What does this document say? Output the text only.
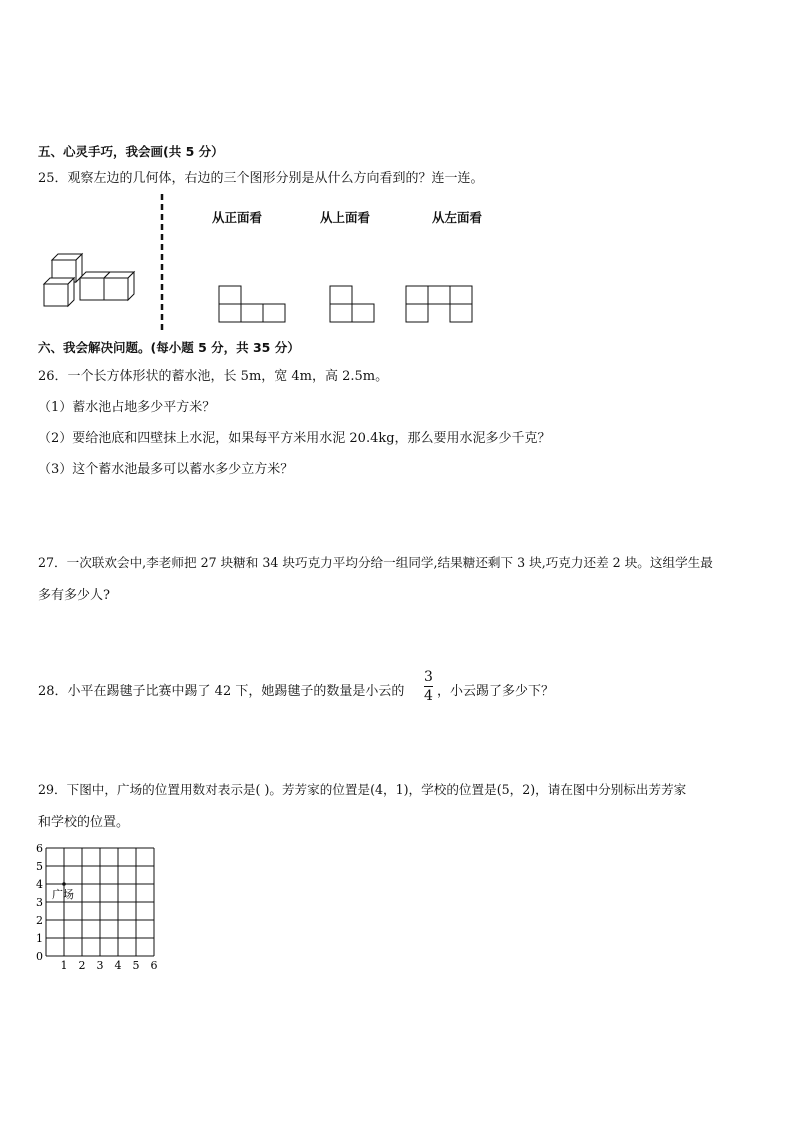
五、心灵手巧，我会画(共 5 分）
25．观察左边的几何体，右边的三个图形分别是从什么方向看到的？连一连。
从正面看	从上面看	从左面看
六、我会解决问题。(每小题 5 分，共 35 分）
26．一个长方体形状的蓄水池，长 5m，宽 4m，高 2.5m。
（1）蓄水池占地多少平方米？
（2）要给池底和四壁抹上水泥，如果每平方米用水泥 20.4kg，那么要用水泥多少千克？
（3）这个蓄水池最多可以蓄水多少立方米？
27．一次联欢会中,李老师把 27 块糖和 34 块巧克力平均分给一组同学,结果糖还剩下 3 块,巧克力还差 2 块。这组学生最
多有多少人?
28．小平在踢毽子比赛中踢了 42 下，她踢毽子的数量是小云的
3
4 ，小云踢了多少下？
29．下图中，广场的位置用数对表示是( )。芳芳家的位置是(4，1)，学校的位置是(5，2)，请在图中分别标出芳芳家
和学校的位置。
1 2 3 4 5 6
0
1
2
3
4
5
6
广场
